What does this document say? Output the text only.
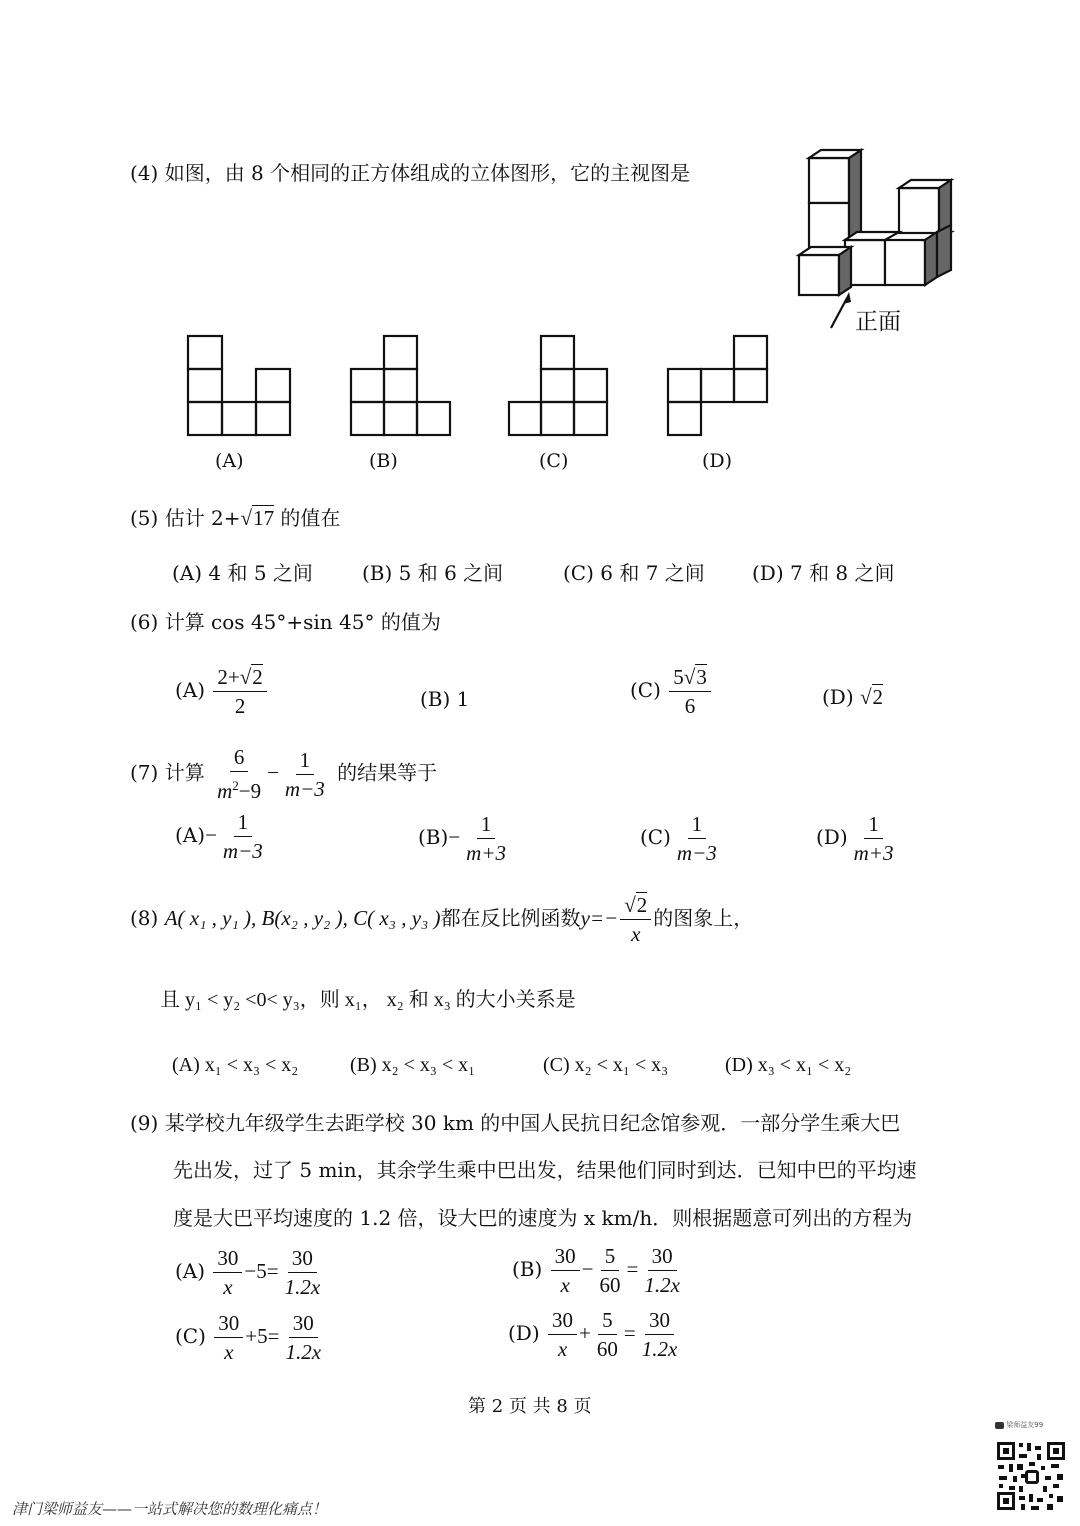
(4) 如图，由 8 个相同的正方体组成的立体图形，它的主视图是
正面
(A)	(B)	(C)	(D)
(5) 估计 2+√17 的值在
(A) 4 和 5 之间 (B) 5 和 6 之间	(C) 6 和 7 之间 (D) 7 和 8 之间
(6) 计算 cos 45°+sin 45° 的值为
$(A) \frac{2+√2}{2}$	(B) 1	$(C) \frac{5√3}{6}$	(D) √2
(7) 计算 $\frac{6}{m^2-9} - \frac{1}{m-3}$ 的结果等于
$(A)- \frac{1}{m-3}$	$(B)- \frac{1}{m+3}$	$(C) \frac{1}{m-3}$	$(D) \frac{1}{m+3}$
(8) A( x₁ , y₁ ), B(x₂ , y₂ ), C( x₃ , y₃ )都在反比例函数$y=- \frac{√2}{x}$ 的图象上，
且 y₁ < y₂ <0< y₃，则 x₁， x₂ 和 x₃ 的大小关系是
(A) x₁ < x₃ < x₂	(B) x₂ < x₃ < x₁	(C) x₂ < x₁ < x₃	(D) x₃ < x₁ < x₂
(9) 某学校九年级学生去距学校 30 km 的中国人民抗日纪念馆参观．一部分学生乘大巴
先出发，过了 5 min，其余学生乘中巴出发，结果他们同时到达．已知中巴的平均速
度是大巴平均速度的 1.2 倍，设大巴的速度为 x km/h．则根据题意可列出的方程为
$(A) \frac{30}{x} -5= \frac{30}{1.2x}$	$(B) \frac{30}{x} - \frac{5}{60} = \frac{30}{1.2x}$
$(C) \frac{30}{x} +5= \frac{30}{1.2x}$	$(D) \frac{30}{x} + \frac{5}{60} = \frac{30}{1.2x}$
第 2 页 共 8 页
梁师益友99
津门梁师益友——一站式解决您的数理化痛点！
